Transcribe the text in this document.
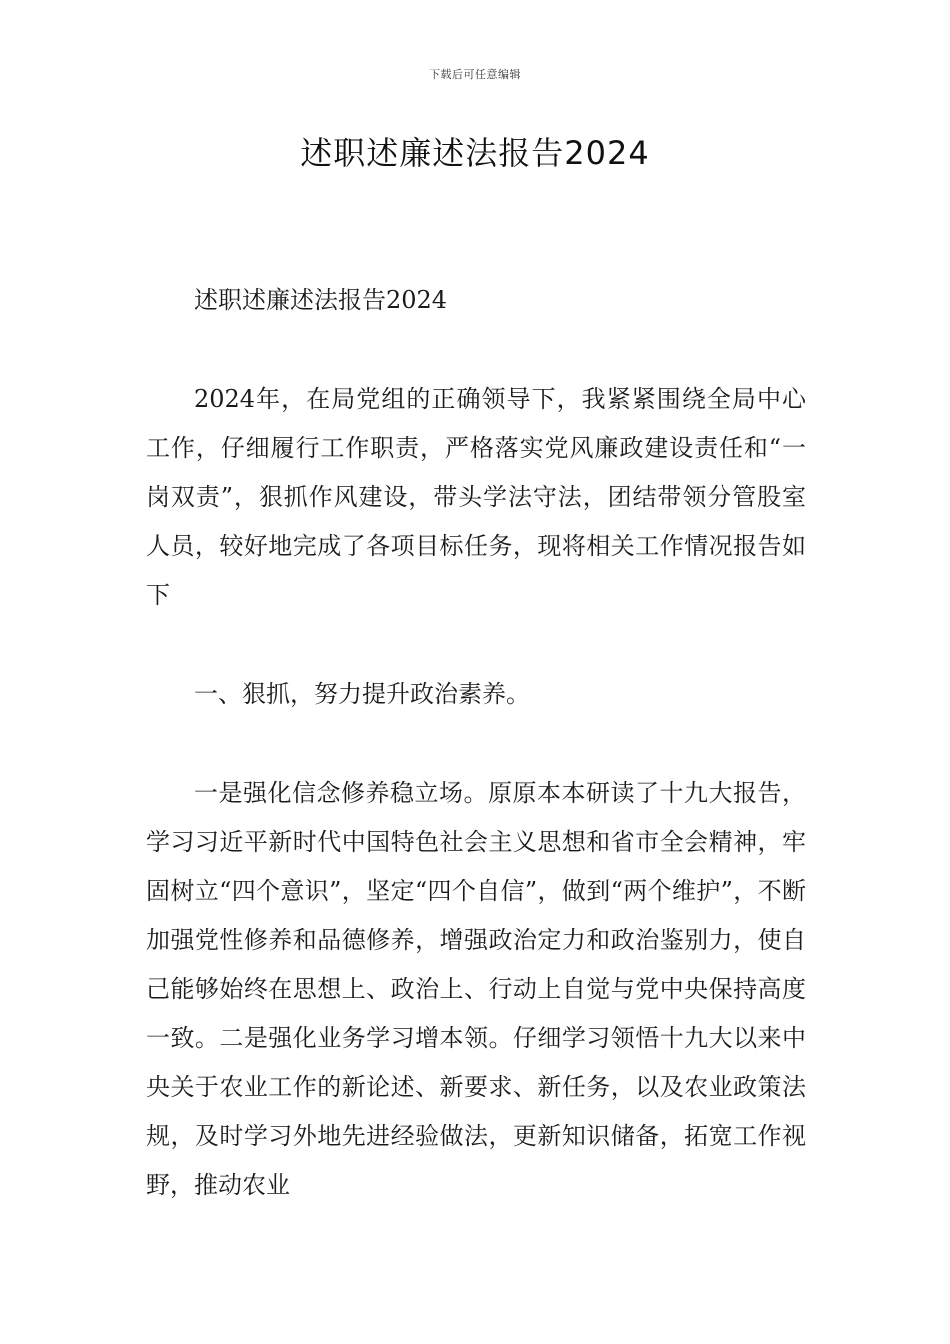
下载后可任意编辑
述职述廉述法报告2024

述职述廉述法报告2024

2024年，在局党组的正确领导下，我紧紧围绕全局中心工作，仔细履行工作职责，严格落实党风廉政建设责任和“一岗双责”，狠抓作风建设，带头学法守法，团结带领分管股室人员，较好地完成了各项目标任务，现将相关工作情况报告如下

一、狠抓，努力提升政治素养。

一是强化信念修养稳立场。原原本本研读了十九大报告，学习习近平新时代中国特色社会主义思想和省市全会精神，牢固树立“四个意识”，坚定“四个自信”，做到“两个维护”，不断加强党性修养和品德修养，增强政治定力和政治鉴别力，使自己能够始终在思想上、政治上、行动上自觉与党中央保持高度一致。二是强化业务学习增本领。仔细学习领悟十九大以来中央关于农业工作的新论述、新要求、新任务，以及农业政策法规，及时学习外地先进经验做法，更新知识储备，拓宽工作视野，推动农业
